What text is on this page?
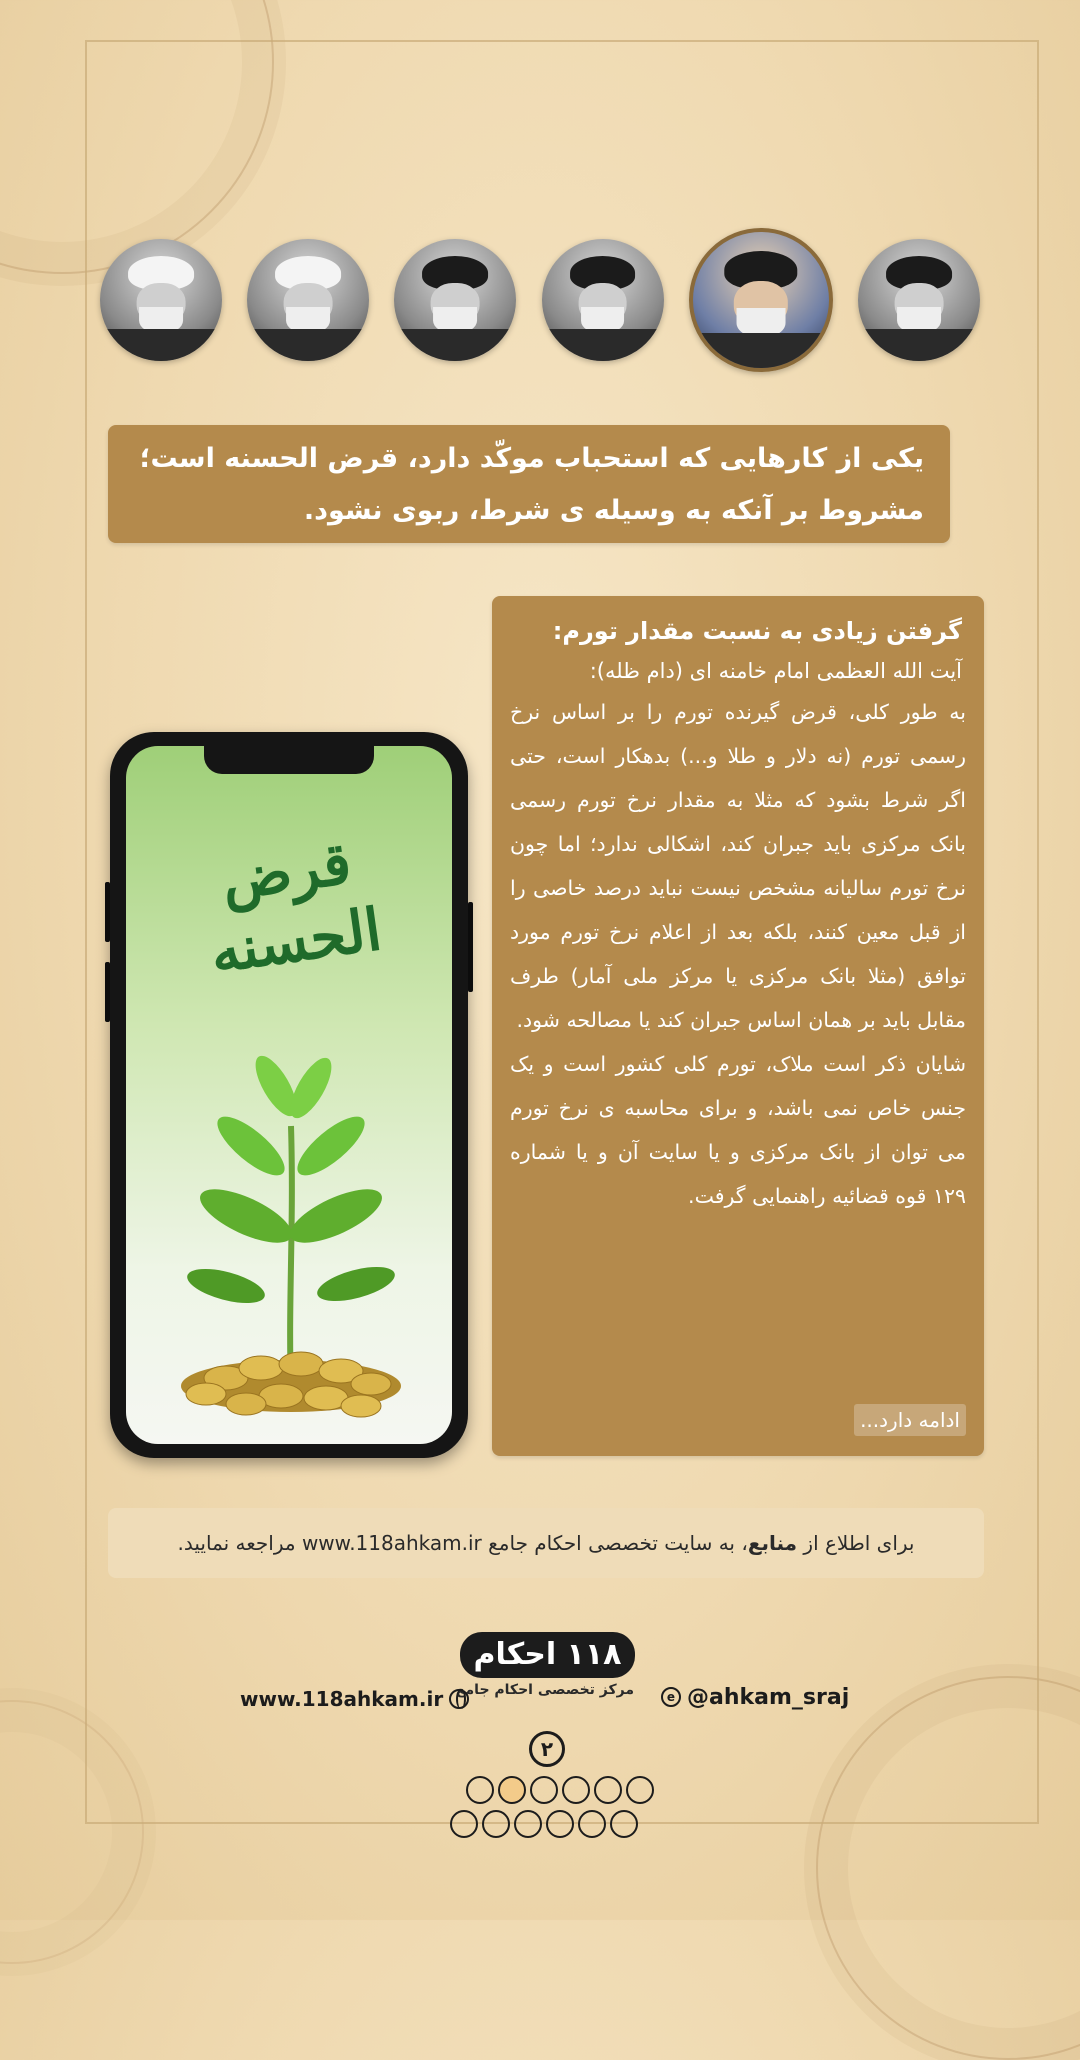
یکی از کارهایی که استحباب موکّد دارد، قرض الحسنه است؛

مشروط بر آنکه به وسیله ی شرط، ربوی نشود.

قرض الحسنه
گرفتن زیادی به نسبت مقدار تورم:
آیت الله العظمی امام خامنه ای (دام ظله):

به طور کلی، قرض گیرنده تورم را بر اساس نرخ رسمی تورم (نه دلار و طلا و...) بدهکار است، حتی اگر شرط بشود که مثلا به مقدار نرخ تورم رسمی بانک مرکزی باید جبران کند، اشکالی ندارد؛ اما چون نرخ تورم سالیانه مشخص نیست نباید درصد خاصی را از قبل معین کنند، بلکه بعد از اعلام نرخ تورم مورد توافق (مثلا بانک مرکزی یا مرکز ملی آمار) طرف مقابل باید بر همان اساس جبران کند یا مصالحه شود.

شایان ذکر است ملاک، تورم کلی کشور است و یک جنس خاص نمی باشد، و برای محاسبه ی نرخ تورم می توان از بانک مرکزی و یا سایت آن و یا شماره ۱۲۹ قوه قضائیه راهنمایی گرفت.

ادامه دارد...
برای اطلاع از

منابع
، به سایت تخصصی احکام جامع www.118ahkam.ir مراجعه نمایید.
۱۱۸ احکام
مرکز تخصصی احکام جامع
www.118ahkam.ir	e @ahkam_sraj
۲
